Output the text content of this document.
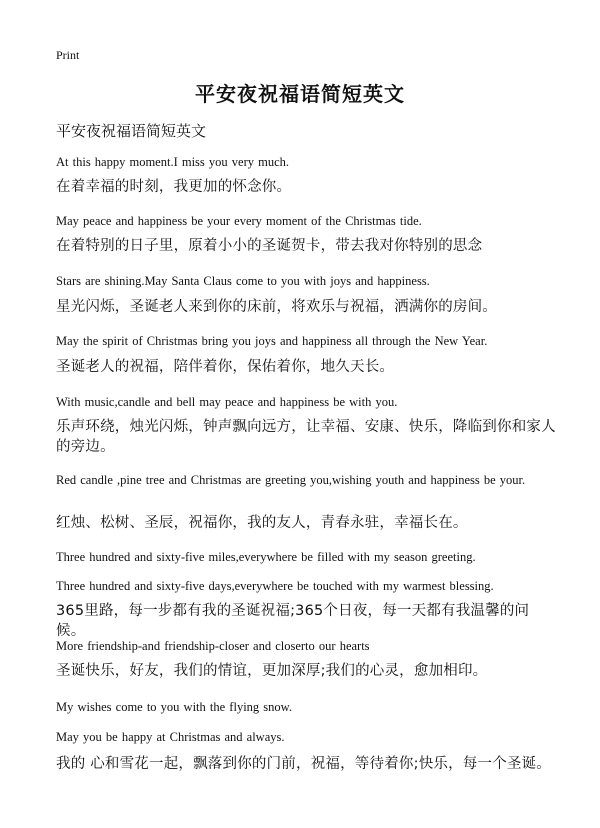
Print
平安夜祝福语简短英文
平安夜祝福语简短英文

At this happy moment.I miss you very much.

在着幸福的时刻，我更加的怀念你。

May peace and happiness be your every moment of the Christmas tide.

在着特别的日子里，原着小小的圣诞贺卡，带去我对你特别的思念

Stars are shining.May Santa Claus come to you with joys and happiness.

星光闪烁，圣诞老人来到你的床前，将欢乐与祝福，洒满你的房间。

May the spirit of Christmas bring you joys and happiness all through the New Year.

圣诞老人的祝福，陪伴着你，保佑着你，地久天长。

With music,candle and bell may peace and happiness be with you.

乐声环绕，烛光闪烁，钟声飘向远方，让幸福、安康、快乐，降临到你和家人的旁边。

Red candle ,pine tree and Christmas are greeting you,wishing youth and happiness be your.

红烛、松树、圣辰，祝福你，我的友人，青春永驻，幸福长在。

Three hundred and sixty-five miles,everywhere be filled with my season greeting.

Three hundred and sixty-five days,everywhere be touched with my warmest blessing.

365里路，每一步都有我的圣诞祝福;365个日夜，每一天都有我温馨的问候。

More friendship-and friendship-closer and closerto our hearts

圣诞快乐，好友，我们的情谊，更加深厚;我们的心灵，愈加相印。

My wishes come to you with the flying snow.

May you be happy at Christmas and always.

我的 心和雪花一起，飘落到你的门前，祝福，等待着你;快乐，每一个圣诞。
